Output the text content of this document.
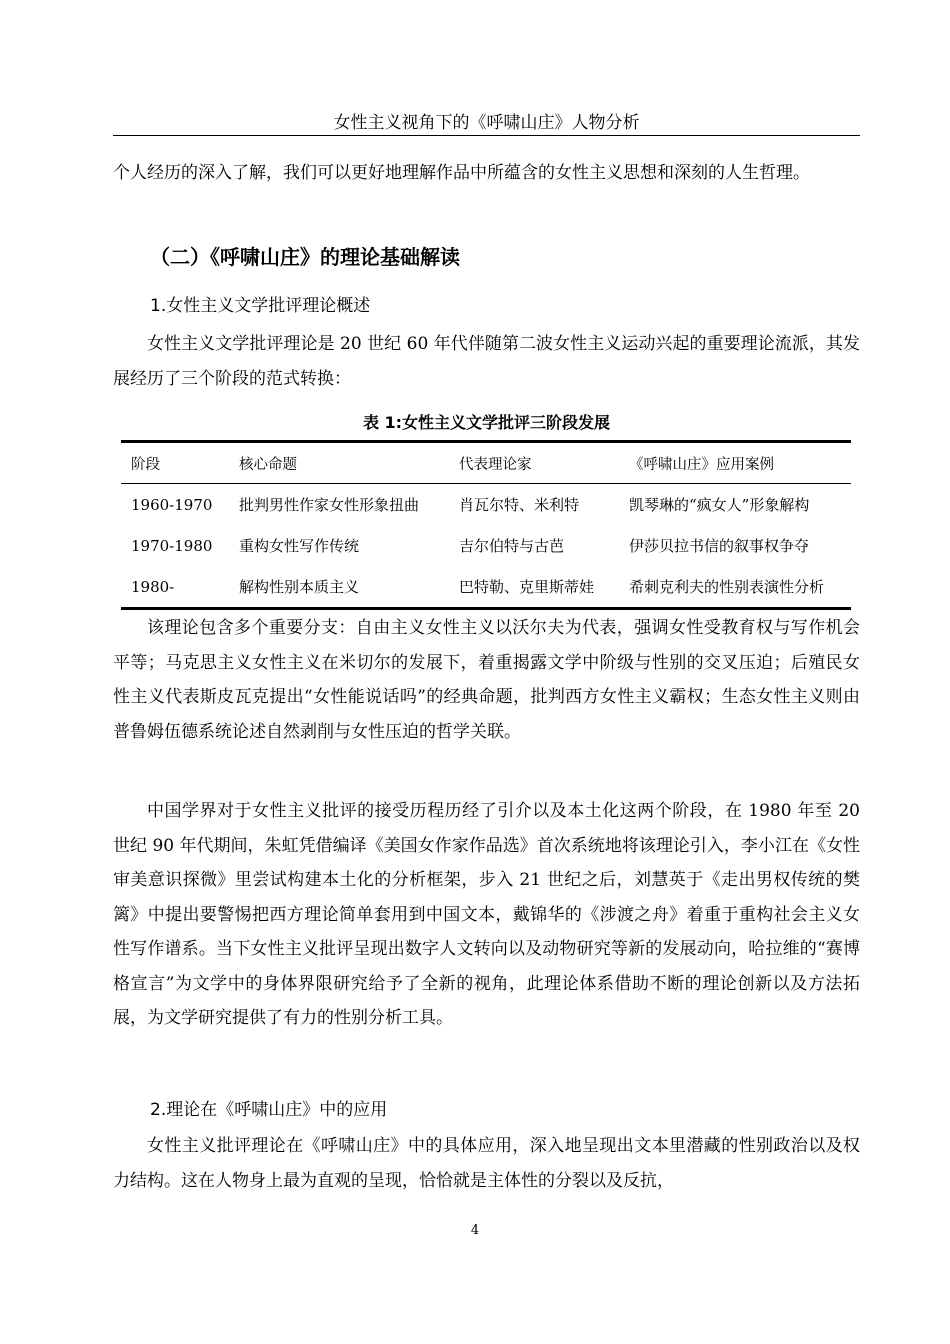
女性主义视角下的《呼啸山庄》人物分析

个人经历的深入了解，我们可以更好地理解作品中所蕴含的女性主义思想和深刻的人生哲理。

（二）《呼啸山庄》的理论基础解读
1.女性主义文学批评理论概述

女性主义文学批评理论是 20 世纪 60 年代伴随第二波女性主义运动兴起的重要理论流派，其发展经历了三个阶段的范式转换：

表 1:女性主义文学批评三阶段发展
阶段	核心命题	代表理论家	《呼啸山庄》应用案例
1960-1970	批判男性作家女性形象扭曲	肖瓦尔特、米利特	凯琴琳的“疯女人”形象解构
1970-1980	重构女性写作传统	吉尔伯特与古芭	伊莎贝拉书信的叙事权争夺
1980-	解构性别本质主义	巴特勒、克里斯蒂娃	希刺克利夫的性别表演性分析

该理论包含多个重要分支：自由主义女性主义以沃尔夫为代表，强调女性受教育权与写作机会平等；马克思主义女性主义在米切尔的发展下，着重揭露文学中阶级与性别的交叉压迫；后殖民女性主义代表斯皮瓦克提出“女性能说话吗”的经典命题，批判西方女性主义霸权；生态女性主义则由普鲁姆伍德系统论述自然剥削与女性压迫的哲学关联。

中国学界对于女性主义批评的接受历程历经了引介以及本土化这两个阶段，在 1980 年至 20 世纪 90 年代期间，朱虹凭借编译《美国女作家作品选》首次系统地将该理论引入，李小江在《女性审美意识探微》里尝试构建本土化的分析框架，步入 21 世纪之后，刘慧英于《走出男权传统的樊篱》中提出要警惕把西方理论简单套用到中国文本，戴锦华的《涉渡之舟》着重于重构社会主义女性写作谱系。当下女性主义批评呈现出数字人文转向以及动物研究等新的发展动向，哈拉维的“赛博格宣言”为文学中的身体界限研究给予了全新的视角，此理论体系借助不断的理论创新以及方法拓展，为文学研究提供了有力的性别分析工具。

2.理论在《呼啸山庄》中的应用

女性主义批评理论在《呼啸山庄》中的具体应用，深入地呈现出文本里潜藏的性别政治以及权力结构。这在人物身上最为直观的呈现，恰恰就是主体性的分裂以及反抗，

4
